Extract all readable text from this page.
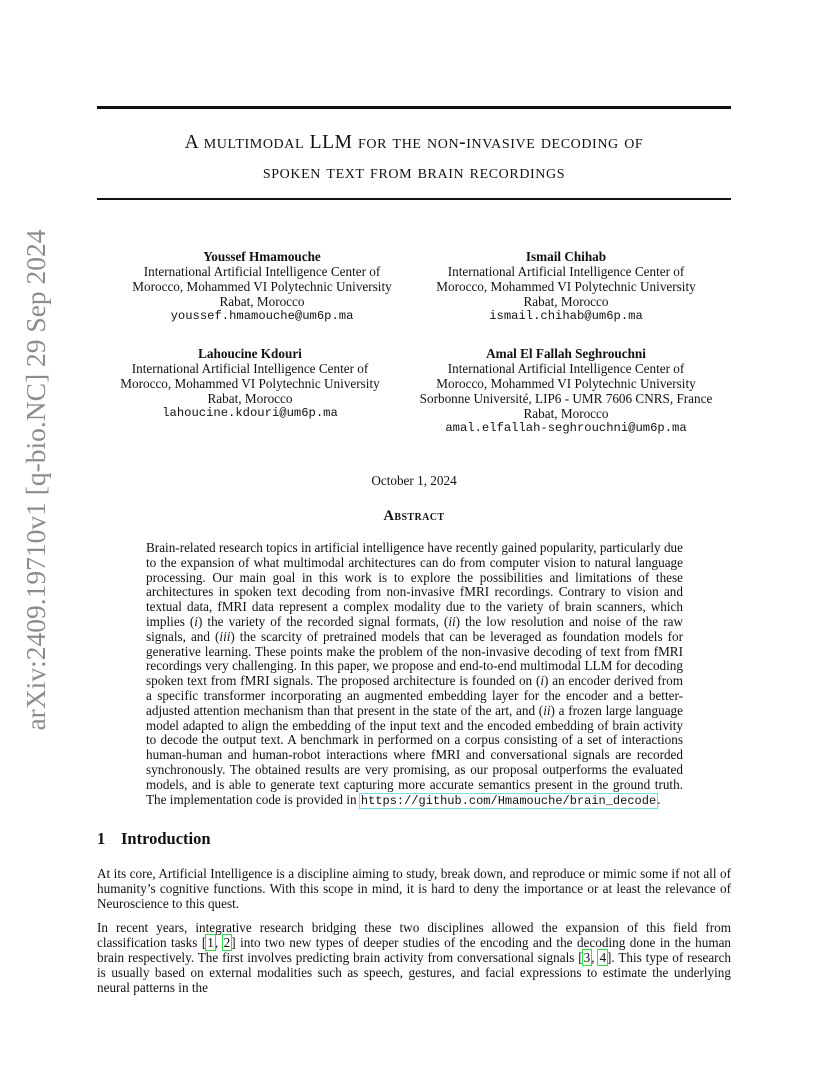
arXiv:2409.19710v1 [q-bio.NC] 29 Sep 2024
A multimodal LLM for the non-invasive decoding of
spoken text from brain recordings
Youssef Hmamouche
International Artificial Intelligence Center of
Morocco, Mohammed VI Polytechnic University
Rabat, Morocco
youssef.hmamouche@um6p.ma
Ismail Chihab
International Artificial Intelligence Center of
Morocco, Mohammed VI Polytechnic University
Rabat, Morocco
ismail.chihab@um6p.ma
Lahoucine Kdouri
International Artificial Intelligence Center of
Morocco, Mohammed VI Polytechnic University
Rabat, Morocco
lahoucine.kdouri@um6p.ma
Amal El Fallah Seghrouchni
International Artificial Intelligence Center of
Morocco, Mohammed VI Polytechnic University
Sorbonne Université, LIP6 - UMR 7606 CNRS, France
Rabat, Morocco
amal.elfallah-seghrouchni@um6p.ma
October 1, 2024
Abstract
Brain-related research topics in artificial intelligence have recently gained popularity, particularly due to the expansion of what multimodal architectures can do from computer vision to natural language processing. Our main goal in this work is to explore the possibilities and limitations of these architectures in spoken text decoding from non-invasive fMRI recordings. Contrary to vision and textual data, fMRI data represent a complex modality due to the variety of brain scanners, which implies (i) the variety of the recorded signal formats, (ii) the low resolution and noise of the raw signals, and (iii) the scarcity of pretrained models that can be leveraged as foundation models for generative learning. These points make the problem of the non-invasive decoding of text from fMRI recordings very challenging. In this paper, we propose and end-to-end multimodal LLM for decoding spoken text from fMRI signals. The proposed architecture is founded on (i) an encoder derived from a specific transformer incorporating an augmented embedding layer for the encoder and a better-adjusted attention mechanism than that present in the state of the art, and (ii) a frozen large language model adapted to align the embedding of the input text and the encoded embedding of brain activity to decode the output text. A benchmark in performed on a corpus consisting of a set of interactions human-human and human-robot interactions where fMRI and conversational signals are recorded synchronously. The obtained results are very promising, as our proposal outperforms the evaluated models, and is able to generate text capturing more accurate semantics present in the ground truth. The implementation code is provided in https://github.com/Hmamouche/brain_decode.
1 Introduction
At its core, Artificial Intelligence is a discipline aiming to study, break down, and reproduce or mimic some if not all of humanity’s cognitive functions. With this scope in mind, it is hard to deny the importance or at least the relevance of Neuroscience to this quest.
In recent years, integrative research bridging these two disciplines allowed the expansion of this field from classification tasks [1, 2] into two new types of deeper studies of the encoding and the decoding done in the human brain respectively. The first involves predicting brain activity from conversational signals [3, 4]. This type of research is usually based on external modalities such as speech, gestures, and facial expressions to estimate the underlying neural patterns in the
